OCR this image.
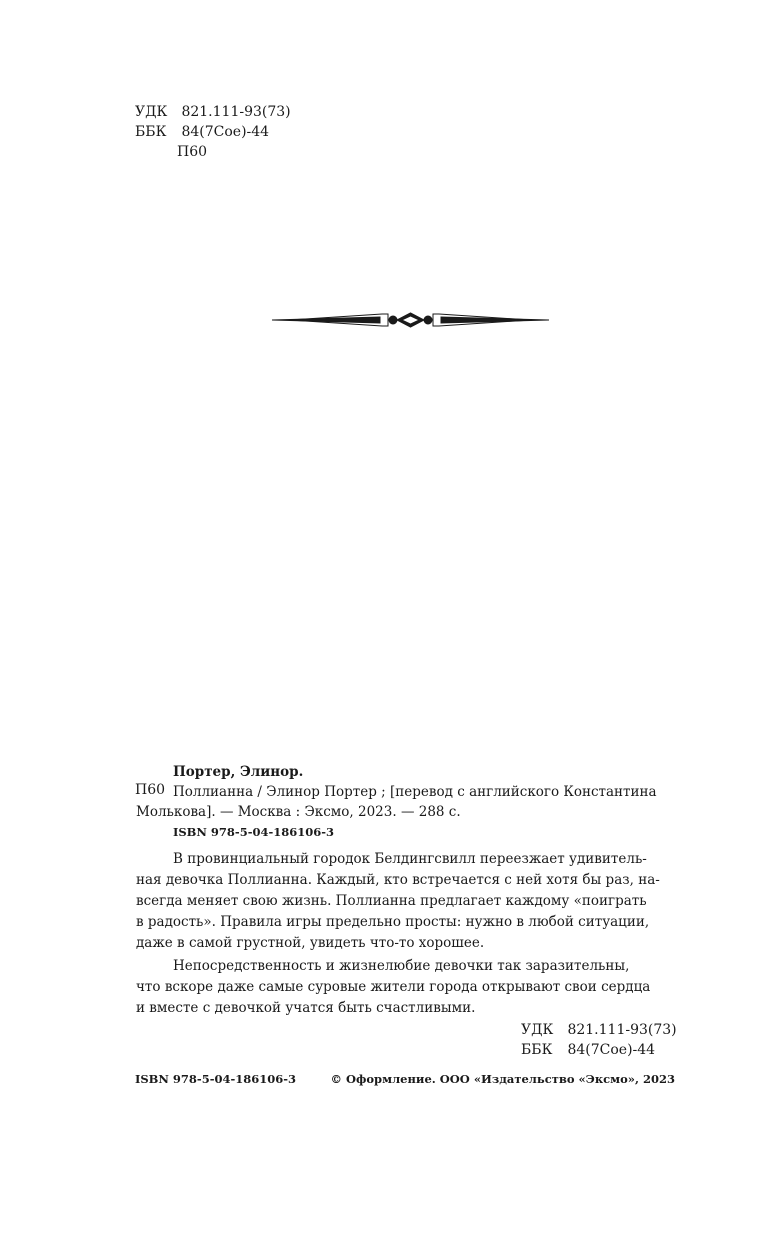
УДК 821.111-93(73)
ББК 84(7Сое)-44
П60
Портер, Элинор.
П60 Поллианна / Элинор Портер ; [перевод с английского Константина
Молькова]. — Москва : Эксмо, 2023. — 288 с.
ISBN 978-5-04-186106-3

В провинциальный городок Белдингсвилл переезжает удивитель-

ная девочка Поллианна. Каждый, кто встречается с ней хотя бы раз, на-

всегда меняет свою жизнь. Поллианна предлагает каждому «поиграть

в радость». Правила игры предельно просты: нужно в любой ситуации,

даже в самой грустной, увидеть что-то хорошее.

Непосредственность и жизнелюбие девочки так заразительны,

что вскоре даже самые суровые жители города открывают свои сердца

и вместе с девочкой учатся быть счастливыми.

УДК 821.111-93(73)
ББК 84(7Сое)-44
ISBN 978-5-04-186106-3	© Оформление. ООО «Издательство «Эксмо», 2023
